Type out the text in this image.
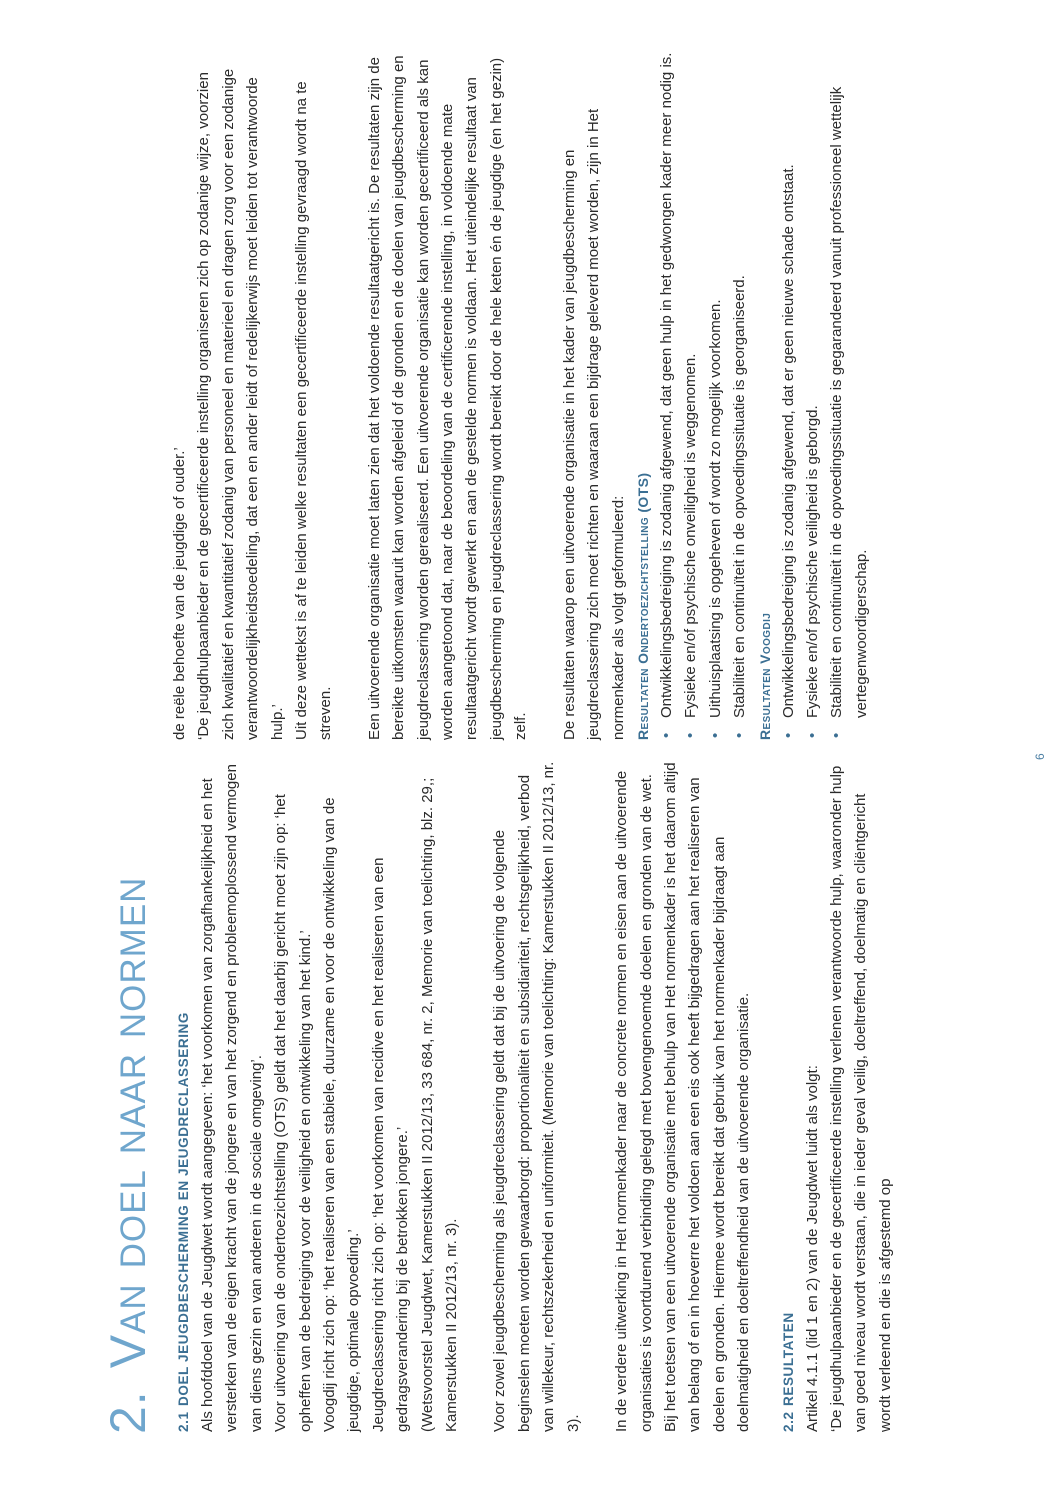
2.Van doel naar normen
2.1DOEL JEUGDBESCHERMING EN JEUGDRECLASSERING Als hoofddoel van de Jeugdwet wordt aangegeven: ‘het voorkomen van zorgafhankelijkheid en het versterken van de eigen kracht van de jongere en van het zorgend en probleemoplossend vermogen van diens gezin en van anderen in de sociale omgeving’. Voor uitvoering van de ondertoezichtstelling (OTS) geldt dat het daarbij gericht moet zijn op: ‘het opheffen van de bedreiging voor de veiligheid en ontwikkeling van het kind.’ Voogdij richt zich op: ‘het realiseren van een stabiele, duurzame en voor de ontwikkeling van de jeugdige, optimale opvoeding.’ Jeugdreclassering richt zich op: ‘het voorkomen van recidive en het realiseren van een gedragsverandering bij de betrokken jongere.’ (Wetsvoorstel Jeugdwet, Kamerstukken II 2012/13, 33 684, nr. 2, Memorie van toelichting, blz. 29,; Kamerstukken II 2012/13, nr. 3). Voor zowel jeugdbescherming als jeugdreclassering geldt dat bij de uitvoering de volgende beginselen moeten worden gewaarborgd: proportionaliteit en subsidiariteit, rechtsgelijkheid, verbod van willekeur, rechtszekerheid en uniformiteit. (Memorie van toelichting: Kamerstukken II 2012/13, nr. 3). In de verdere uitwerking in Het normenkader naar de concrete normen en eisen aan de uitvoerende organisaties is voortdurend verbinding gelegd met bovengenoemde doelen en gronden van de wet. Bij het toetsen van een uitvoerende organisatie met behulp van Het normenkader is het daarom altijd van belang of en in hoeverre het voldoen aan een eis ook heeft bijgedragen aan het realiseren van doelen en gronden. Hiermee wordt bereikt dat gebruik van het normenkader bijdraagt aan doelmatigheid en doeltreffendheid van de uitvoerende organisatie.	2.2RESULTATEN Artikel 4.1.1 (lid 1 en 2) van de Jeugdwet luidt als volgt: ‘De jeugdhulpaanbieder en de gecertificeerde instelling verlenen verantwoorde hulp, waaronder hulp van goed niveau wordt verstaan, die in ieder geval veilig, doeltreffend, doelmatig en cliëntgericht wordt verleend en die is afgestemd op

de reële behoefte van de jeugdige of ouder.’ ‘De jeugdhulpaanbieder en de gecertificeerde instelling organiseren zich op zodanige wijze, voorzien zich kwalitatief en kwantitatief zodanig van personeel en materieel en dragen zorg voor een zodanige verantwoordelijkheidstoedeling, dat een en ander leidt of redelijkerwijs moet leiden tot verantwoorde hulp.’ Uit deze wettekst is af te leiden welke resultaten een gecertificeerde instelling gevraagd wordt na te streven. Een uitvoerende organisatie moet laten zien dat het voldoende resultaatgericht is. De resultaten zijn de bereikte uitkomsten waaruit kan worden afgeleid of de gronden en de doelen van jeugdbescherming en jeugdreclassering worden gerealiseerd. Een uitvoerende organisatie kan worden gecertificeerd als kan worden aangetoond dat, naar de beoordeling van de certificerende instelling, in voldoende mate resultaatgericht wordt gewerkt en aan de gestelde normen is voldaan. Het uiteindelijke resultaat van jeugdbescherming en jeugdreclassering wordt bereikt door de hele keten én de jeugdige (en het gezin) zelf. De resultaten waarop een uitvoerende organisatie in het kader van jeugdbescherming en jeugdreclassering zich moet richten en waaraan een bijdrage geleverd moet worden, zijn in Het normenkader als volgt geformuleerd: Resultaten Ondertoezichtstelling (OTS) •
Ontwikkelingsbedreiging is zodanig afgewend, dat geen hulp in het gedwongen kader meer nodig is.
•
Fysieke en/of psychische onveiligheid is weggenomen.
•
Uithuisplaatsing is opgeheven of wordt zo mogelijk voorkomen.
•
Stabiliteit en continuïteit in de opvoedingssituatie is georganiseerd. Resultaten Voogdij •
Ontwikkelingsbedreiging is zodanig afgewend, dat er geen nieuwe schade ontstaat.
•
Fysieke en/of psychische veiligheid is geborgd.
•
Stabiliteit en continuïteit in de opvoedingssituatie is gegarandeerd vanuit professioneel wettelijk vertegenwoordigerschap.
6
